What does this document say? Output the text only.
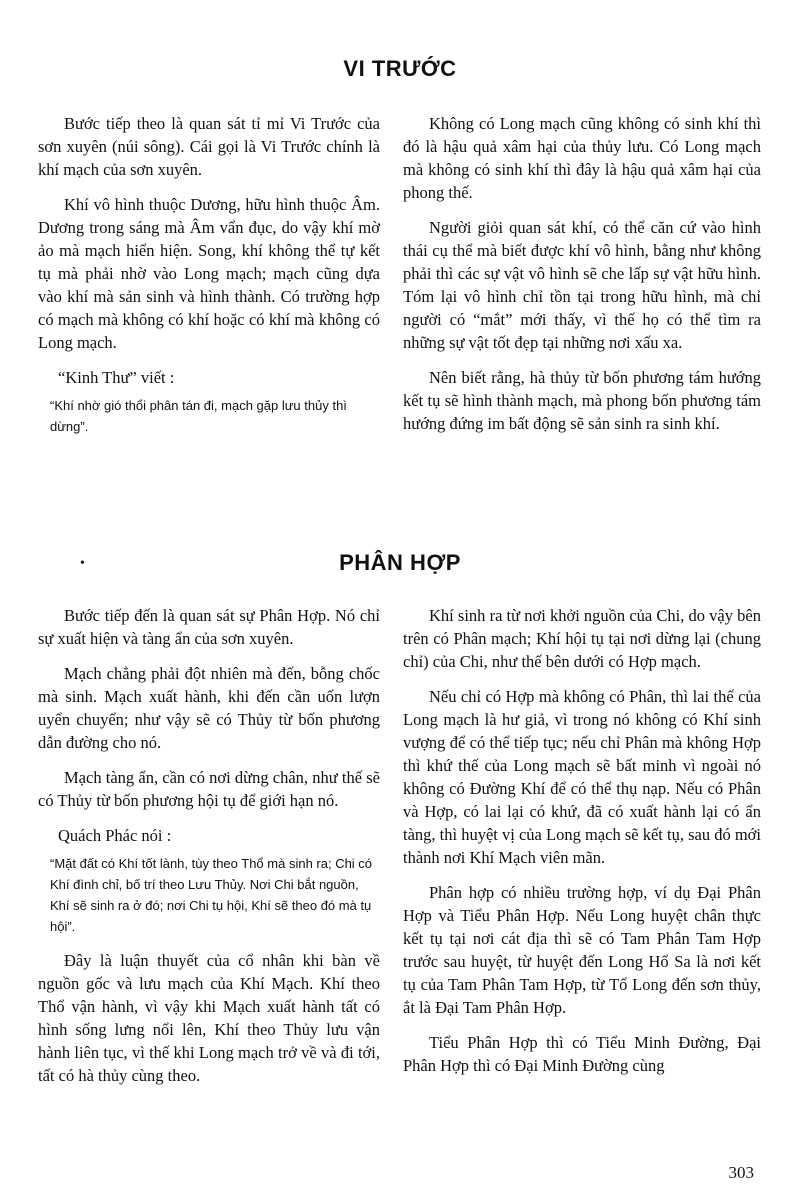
VI TRƯỚC

Bước tiếp theo là quan sát tỉ mỉ Vi Trước của sơn xuyên (núi sông). Cái gọi là Vi Trước chính là khí mạch của sơn xuyên.

Khí vô hình thuộc Dương, hữu hình thuộc Âm. Dương trong sáng mà Âm vẩn đục, do vậy khí mờ ảo mà mạch hiển hiện. Song, khí không thể tự kết tụ mà phải nhờ vào Long mạch; mạch cũng dựa vào khí mà sản sinh và hình thành. Có trường hợp có mạch mà không có khí hoặc có khí mà không có Long mạch.

“Kinh Thư” viết :

“Khí nhờ gió thổi phân tán đi, mạch gặp lưu thủy thì dừng”.

Không có Long mạch cũng không có sinh khí thì đó là hậu quả xâm hại của thủy lưu. Có Long mạch mà không có sinh khí thì đây là hậu quả xâm hại của phong thế.

Người giỏi quan sát khí, có thể căn cứ vào hình thái cụ thể mà biết được khí vô hình, bằng như không phải thì các sự vật vô hình sẽ che lấp sự vật hữu hình. Tóm lại vô hình chỉ tồn tại trong hữu hình, mà chỉ người có “mắt” mới thấy, vì thế họ có thể tìm ra những sự vật tốt đẹp tại những nơi xấu xa.

Nên biết rằng, hà thủy từ bốn phương tám hướng kết tụ sẽ hình thành mạch, mà phong bốn phương tám hướng đứng im bất động sẽ sản sinh ra sinh khí.

•	PHÂN HỢP

Bước tiếp đến là quan sát sự Phân Hợp. Nó chỉ sự xuất hiện và tàng ẩn của sơn xuyên.

Mạch chẳng phải đột nhiên mà đến, bỗng chốc mà sinh. Mạch xuất hành, khi đến cần uốn lượn uyển chuyển; như vậy sẽ có Thủy từ bốn phương dẫn đường cho nó.

Mạch tàng ẩn, cần có nơi dừng chân, như thế sẽ có Thủy từ bốn phương hội tụ để giới hạn nó.

Quách Phác nói :

“Mặt đất có Khí tốt lành, tùy theo Thổ mà sinh ra; Chi có Khí đình chỉ, bố trí theo Lưu Thủy. Nơi Chi bắt nguồn, Khí sẽ sinh ra ở đó; nơi Chi tụ hội, Khí sẽ theo đó mà tụ hội”.

Đây là luận thuyết của cổ nhân khi bàn về nguồn gốc và lưu mạch của Khí Mạch. Khí theo Thổ vận hành, vì vậy khi Mạch xuất hành tất có hình sống lưng nổi lên, Khí theo Thủy lưu vận hành liên tục, vì thế khi Long mạch trở về và đi tới, tất có hà thủy cùng theo.

Khí sinh ra từ nơi khởi nguồn của Chi, do vậy bên trên có Phân mạch; Khí hội tụ tại nơi dừng lại (chung chỉ) của Chi, như thế bên dưới có Hợp mạch.

Nếu chỉ có Hợp mà không có Phân, thì lai thế của Long mạch là hư giả, vì trong nó không có Khí sinh vượng để có thể tiếp tục; nếu chỉ Phân mà không Hợp thì khứ thế của Long mạch sẽ bất minh vì ngoài nó không có Đường Khí để có thể thụ nạp. Nếu có Phân và Hợp, có lai lại có khứ, đã có xuất hành lại có ẩn tàng, thì huyệt vị của Long mạch sẽ kết tụ, sau đó mới thành nơi Khí Mạch viên mãn.

Phân hợp có nhiều trường hợp, ví dụ Đại Phân Hợp và Tiểu Phân Hợp. Nếu Long huyệt chân thực kết tụ tại nơi cát địa thì sẽ có Tam Phân Tam Hợp trước sau huyệt, từ huyệt đến Long Hổ Sa là nơi kết tụ của Tam Phân Tam Hợp, từ Tổ Long đến sơn thủy, ắt là Đại Tam Phân Hợp.

Tiểu Phân Hợp thì có Tiểu Minh Đường, Đại Phân Hợp thì có Đại Minh Đường cùng

303
